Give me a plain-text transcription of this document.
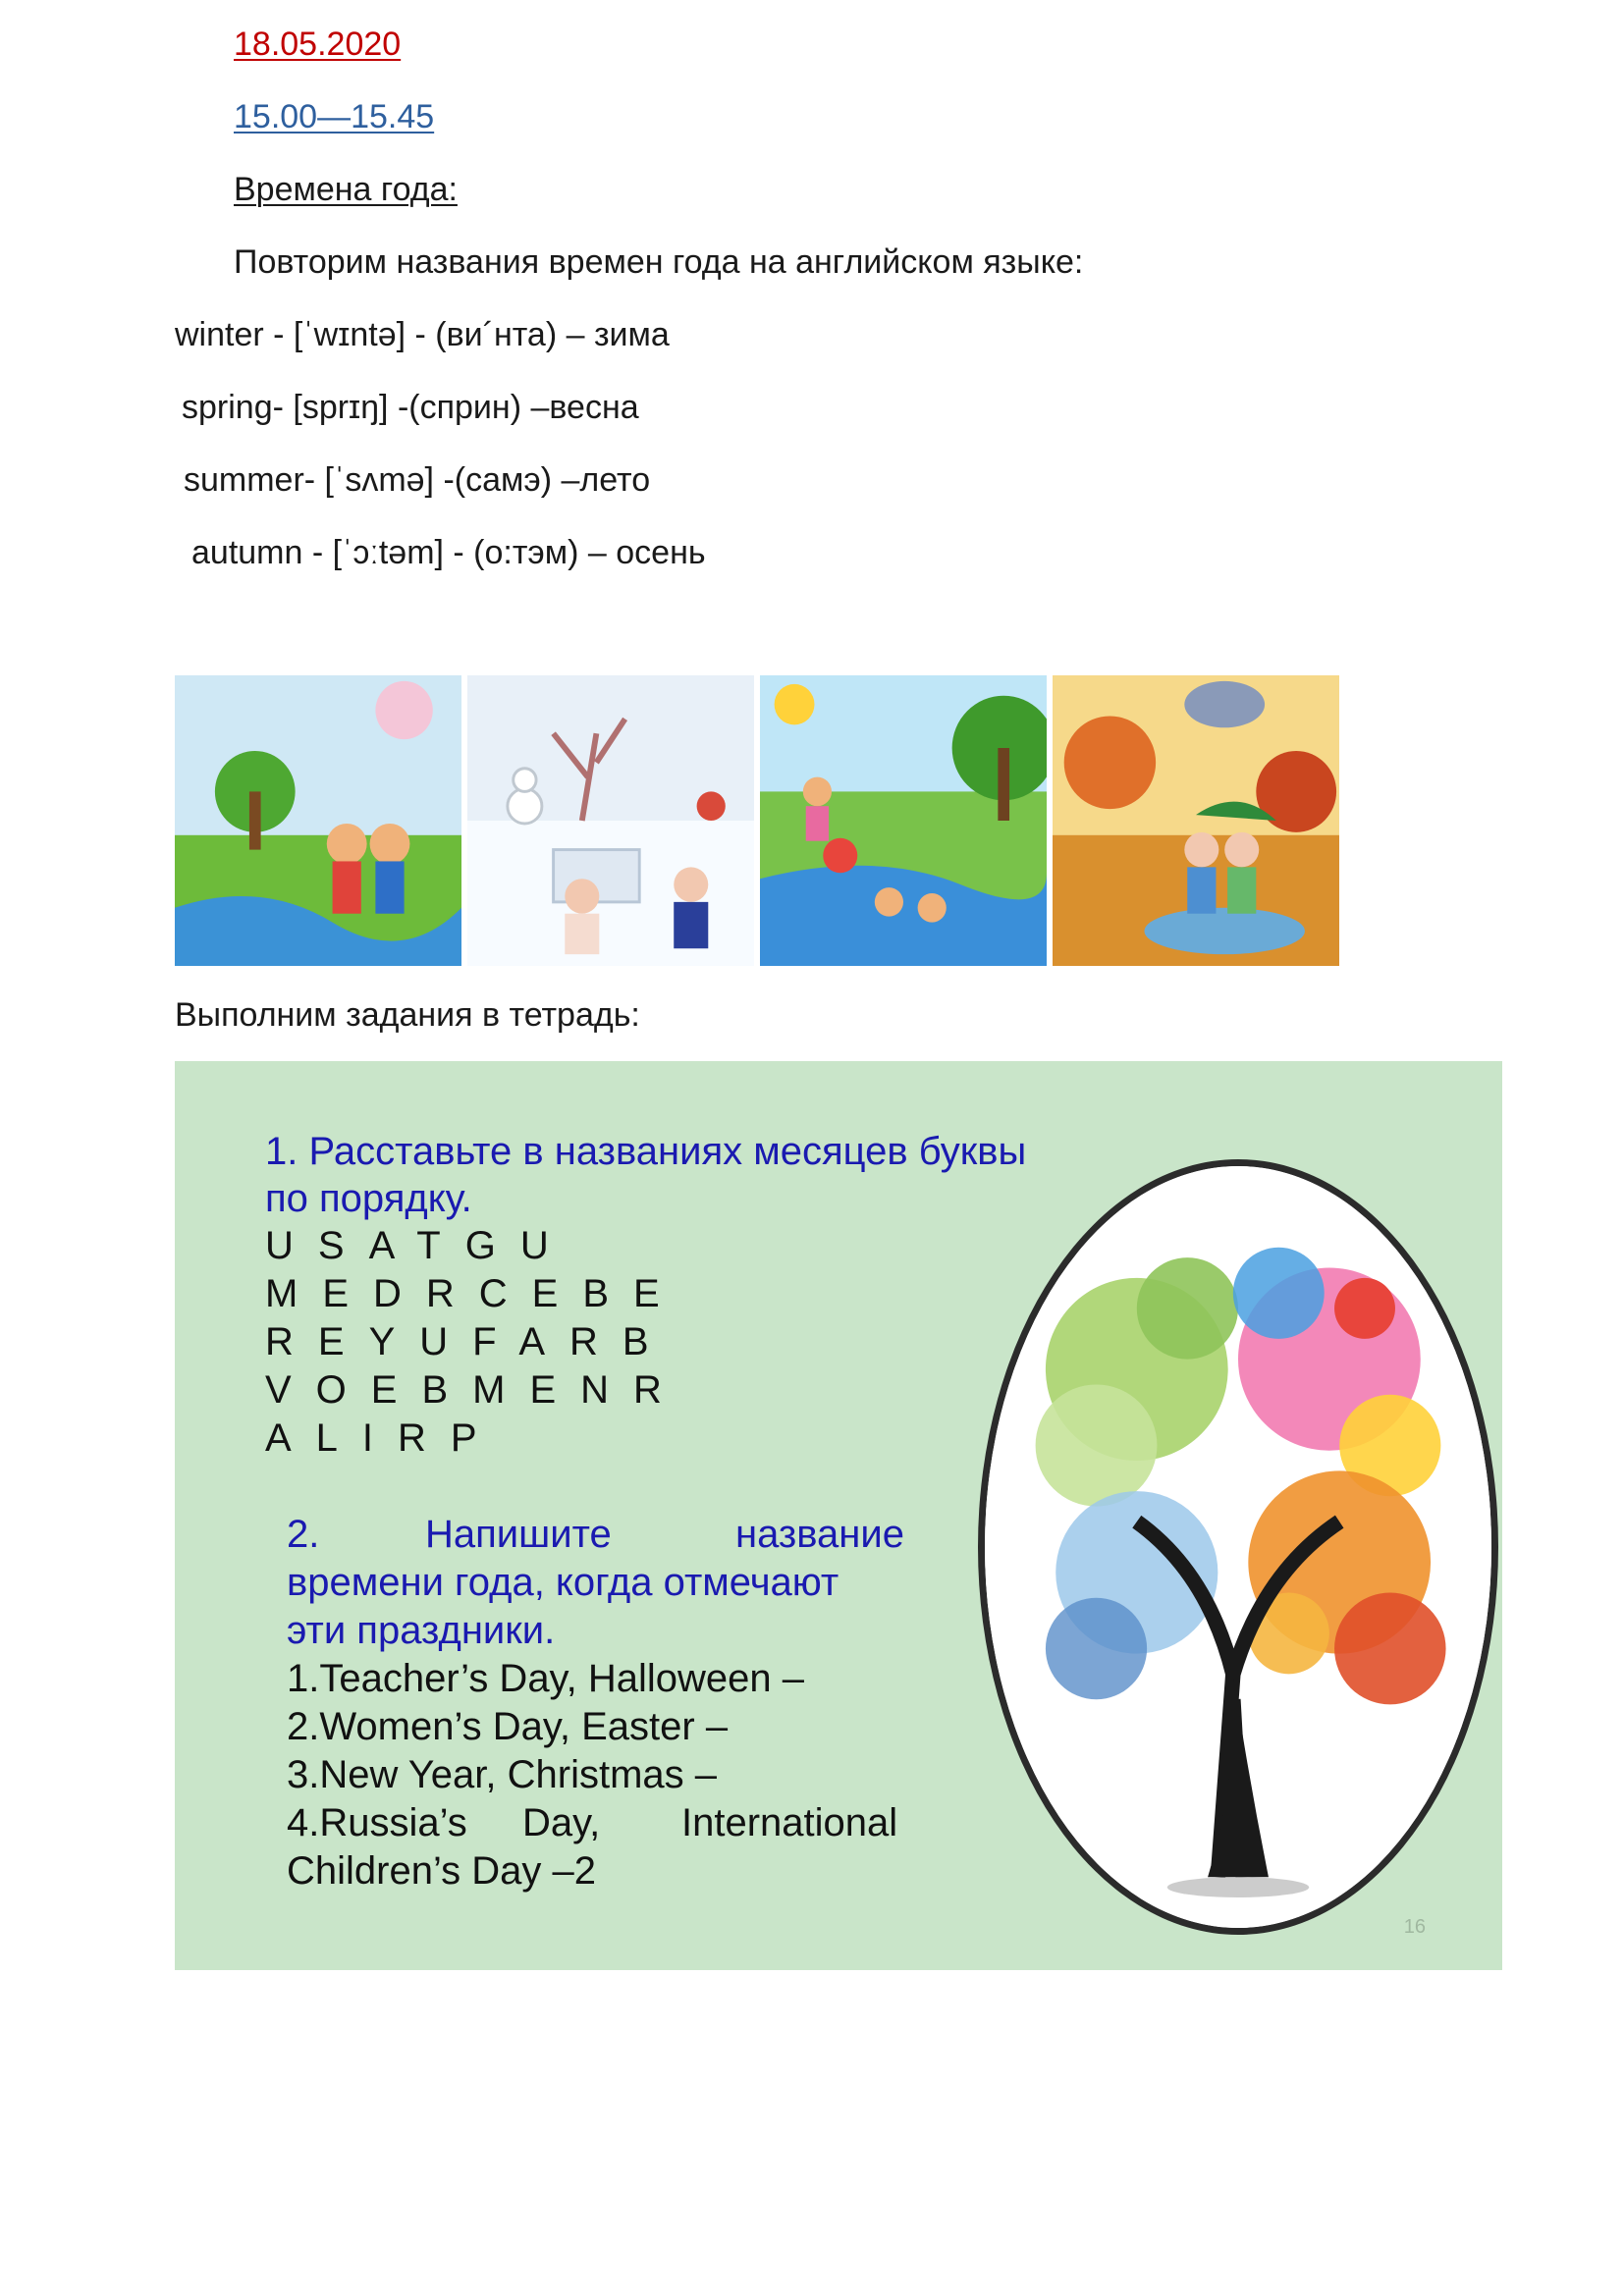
18.05.2020
15.00—15.45
Времена года:
Повторим названия времен года на английском языке:
winter - [ˈwɪntə] - (ви´нта) – зима
spring- [sprɪŋ] -(сприн) –весна
summer- [ˈsʌmə] -(самэ) –лето
autumn - [ˈɔːtəm] - (о:тэм) – осень
Выполним задания в тетрадь:
1. Расставьте в названиях месяцев буквы
по порядку.
USATGU
MEDRCEBE
REYUFARB
VOEBMENR
ALIRP
2.	Напишите	название
времени года, когда отмечают
эти праздники.
1.Teacher’s Day, Halloween –
2.Women’s Day, Easter –
3.New Year, Christmas –
4.Russia’s Day, International
Children’s Day –2
16
